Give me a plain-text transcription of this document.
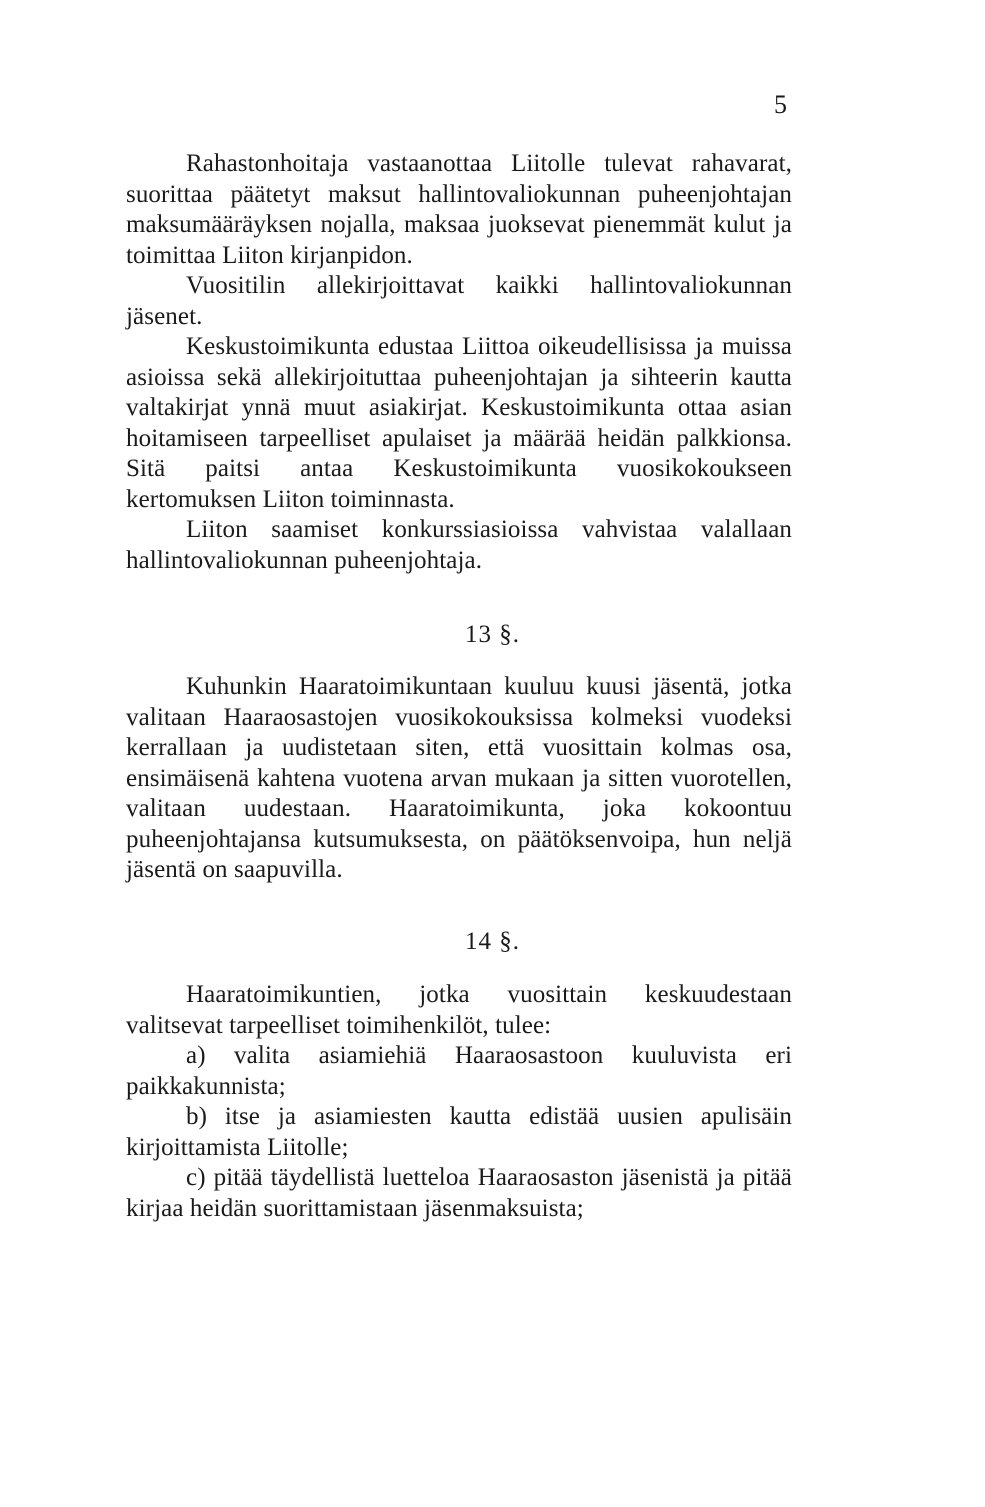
5

Rahastonhoitaja vastaanottaa Liitolle tulevat rahavarat, suorittaa päätetyt maksut hallintovaliokunnan puheenjohtajan maksumääräyksen nojalla, maksaa juoksevat pienemmät kulut ja toimittaa Liiton kirjanpidon.

Vuositilin allekirjoittavat kaikki hallintovaliokunnan jäsenet.

Keskustoimikunta edustaa Liittoa oikeudellisissa ja muissa asioissa sekä allekirjoituttaa puheenjohtajan ja sihteerin kautta valtakirjat ynnä muut asiakirjat. Keskustoimikunta ottaa asian hoitamiseen tarpeelliset apulaiset ja määrää heidän palkkionsa. Sitä paitsi antaa Keskustoimikunta vuosikokoukseen kertomuksen Liiton toiminnasta.

Liiton saamiset konkurssiasioissa vahvistaa valallaan hallintovaliokunnan puheenjohtaja.

13 §.

Kuhunkin Haaratoimikuntaan kuuluu kuusi jäsentä, jotka valitaan Haaraosastojen vuosikokouksissa kolmeksi vuodeksi kerrallaan ja uudistetaan siten, että vuosittain kolmas osa, ensimäisenä kahtena vuotena arvan mukaan ja sitten vuorotellen, valitaan uudestaan. Haaratoimikunta, joka kokoontuu puheenjohtajansa kutsumuksesta, on päätöksenvoipa, hun neljä jäsentä on saapuvilla.

14 §.

Haaratoimikuntien, jotka vuosittain keskuudestaan valitsevat tarpeelliset toimihenkilöt, tulee:

a) valita asiamiehiä Haaraosastoon kuuluvista eri paikkakunnista;

b) itse ja asiamiesten kautta edistää uusien apulisäin kirjoittamista Liitolle;

c) pitää täydellistä luetteloa Haaraosaston jäsenistä ja pitää kirjaa heidän suorittamistaan jäsenmaksuista;
